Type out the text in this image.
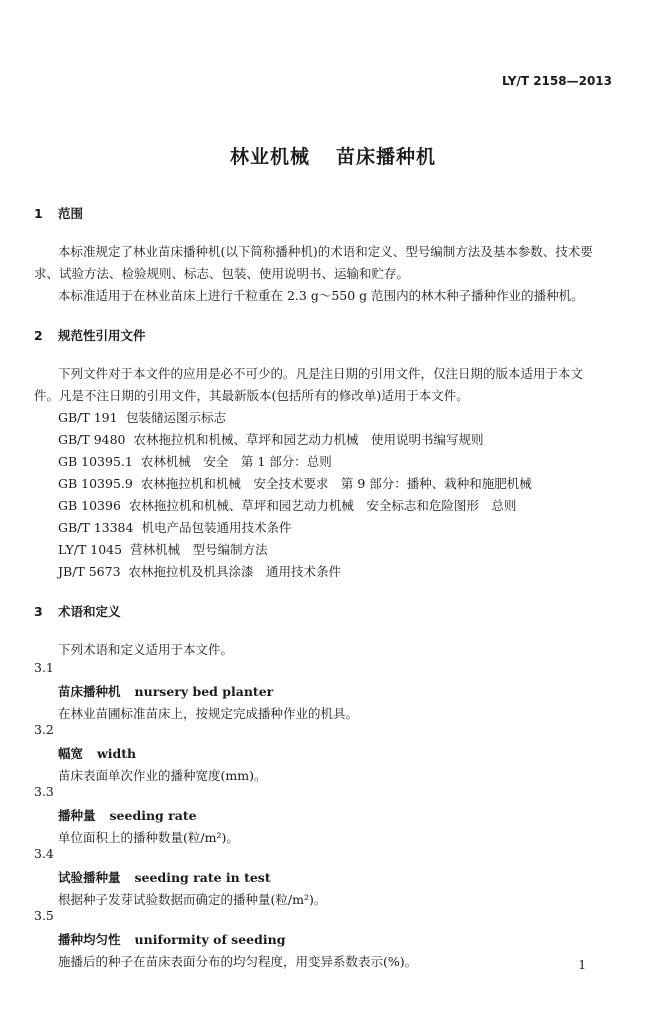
LY/T 2158—2013
林业机械 苗床播种机
1 范围
本标准规定了林业苗床播种机(以下简称播种机)的术语和定义、型号编制方法及基本参数、技术要
求、试验方法、检验规则、标志、包装、使用说明书、运输和贮存。
本标准适用于在林业苗床上进行千粒重在 2.3 g～550 g 范围内的林木种子播种作业的播种机。
2 规范性引用文件
下列文件对于本文件的应用是必不可少的。凡是注日期的引用文件，仅注日期的版本适用于本文
件。凡是不注日期的引用文件，其最新版本(包括所有的修改单)适用于本文件。
GB/T 191 包装储运图示标志
GB/T 9480 农林拖拉机和机械、草坪和园艺动力机械　使用说明书编写规则
GB 10395.1 农林机械　安全　第 1 部分：总则
GB 10395.9 农林拖拉机和机械　安全技术要求　第 9 部分：播种、栽种和施肥机械
GB 10396 农林拖拉机和机械、草坪和园艺动力机械　安全标志和危险图形　总则
GB/T 13384 机电产品包装通用技术条件
LY/T 1045 营林机械　型号编制方法
JB/T 5673 农林拖拉机及机具涂漆　通用技术条件
3 术语和定义
下列术语和定义适用于本文件。
3.1
苗床播种机 nursery bed planter
在林业苗圃标准苗床上，按规定完成播种作业的机具。
3.2
幅宽 width
苗床表面单次作业的播种宽度(mm)。
3.3
播种量 seeding rate
单位面积上的播种数量(粒/m²)。
3.4
试验播种量 seeding rate in test
根据种子发芽试验数据而确定的播种量(粒/m²)。
3.5
播种均匀性 uniformity of seeding
施播后的种子在苗床表面分布的均匀程度，用变异系数表示(%)。	1
